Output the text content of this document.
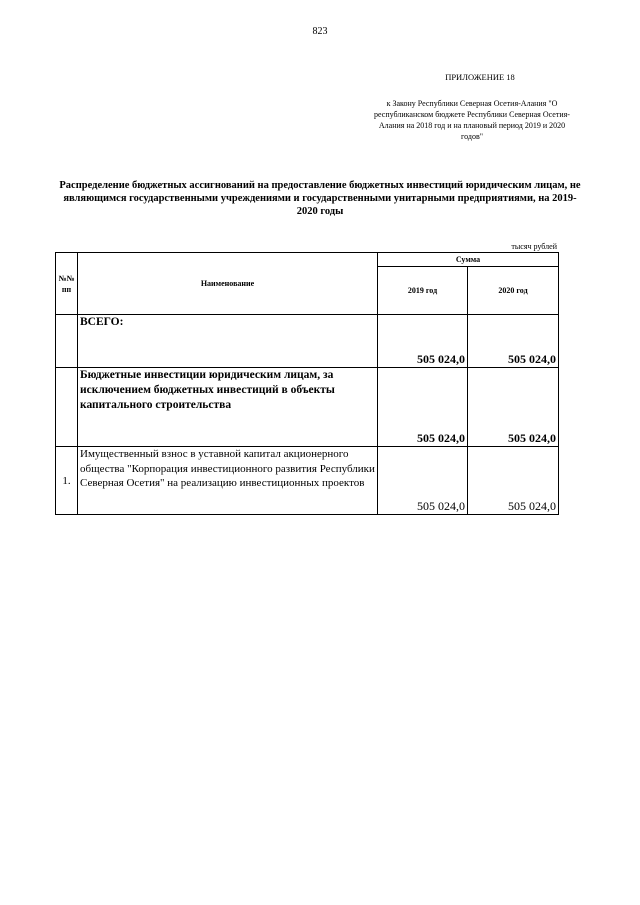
823
ПРИЛОЖЕНИЕ 18
к Закону Республики Северная Осетия-Алания "О республиканском бюджете Республики Северная Осетия-Алания на 2018 год и на плановый период 2019 и 2020 годов"
Распределение бюджетных ассигнований на предоставление бюджетных инвестиций юридическим лицам, не являющимся государственными учреждениями и государственными унитарными предприятиями, на 2019-2020 годы
тысяч рублей
№№ пп	Наименование	Сумма	
		2019 год	2020 год
	ВСЕГО:	505 024,0	505 024,0
	Бюджетные инвестиции юридическим лицам, за исключением бюджетных инвестиций в объекты капитального строительства	505 024,0	505 024,0
1.	Имущественный взнос в уставной капитал акционерного общества "Корпорация инвестиционного развития Республики Северная Осетия" на реализацию инвестиционных проектов	505 024,0	505 024,0
